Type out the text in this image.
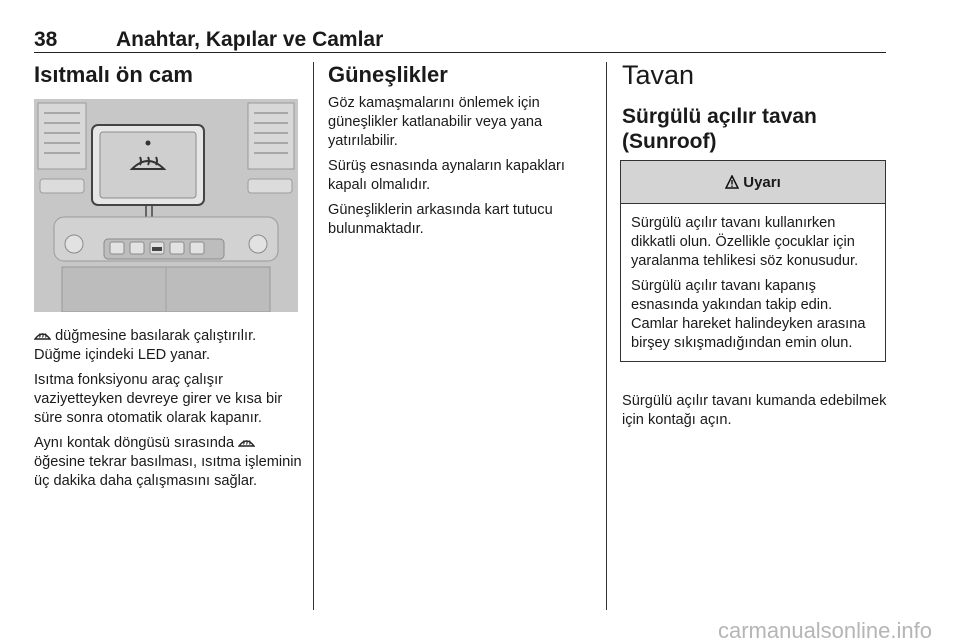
38	Anahtar, Kapılar ve Camlar
Isıtmalı ön cam

düğmesine basılarak çalıştırılır. Düğme içindeki LED yanar.

Isıtma fonksiyonu araç çalışır vaziyetteyken devreye girer ve kısa bir süre sonra otomatik olarak kapanır.

Aynı kontak döngüsü sırasında  öğesine tekrar basılması, ısıtma işleminin üç dakika daha çalışmasını sağlar.

Güneşlikler

Göz kamaşmalarını önlemek için güneşlikler katlanabilir veya yana yatırılabilir.

Sürüş esnasında aynaların kapakları kapalı olmalıdır.

Güneşliklerin arkasında kart tutucu bulunmaktadır.

Tavan
Sürgülü açılır tavan (Sunroof)
Uyarı

Sürgülü açılır tavanı kullanırken dikkatli olun. Özellikle çocuklar için yaralanma tehlikesi söz konusudur.

Sürgülü açılır tavanı kapanış esnasında yakından takip edin. Camlar hareket halindeyken arasına birşey sıkışmadığından emin olun.

Sürgülü açılır tavanı kumanda edebilmek için kontağı açın.

carmanualsonline.info
